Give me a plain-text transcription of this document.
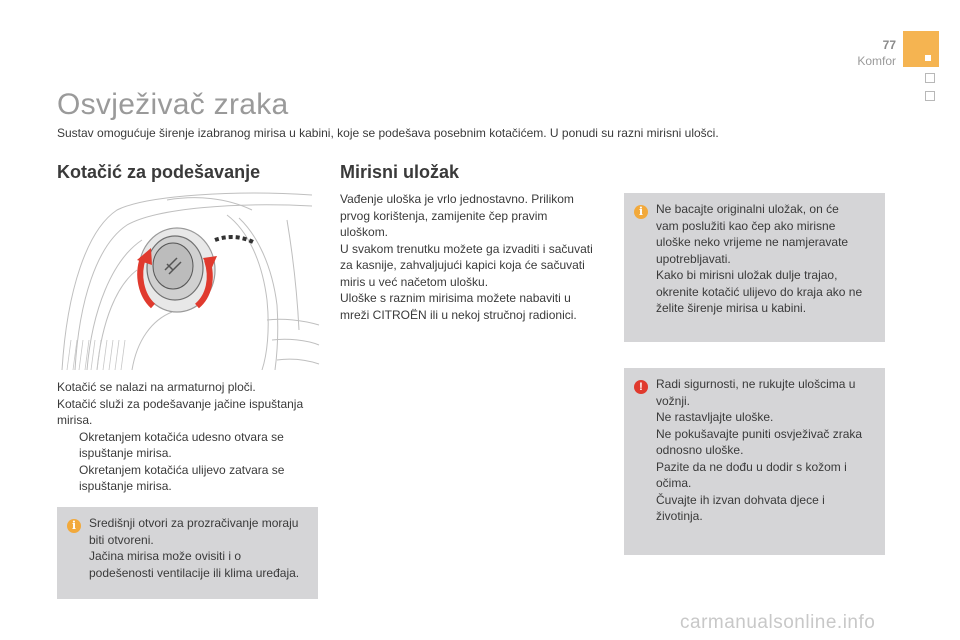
77
Komfor
Osvježivač zraka

Sustav omogućuje širenje izabranog mirisa u kabini, koje se podešava posebnim kotačićem. U ponudi su razni mirisni ulošci.

Kotačić za podešavanje
Kotačić se nalazi na armaturnoj ploči.
Kotačić služi za podešavanje jačine ispuštanja
mirisa.
Okretanjem kotačića udesno otvara se
ispuštanje mirisa.
Okretanjem kotačića ulijevo zatvara se
ispuštanje mirisa.
i	Središnji otvori za prozračivanje moraju
biti otvoreni.
Jačina mirisa može ovisiti i o
podešenosti ventilacije ili klima uređaja.
Mirisni uložak
Vađenje uloška je vrlo jednostavno. Prilikom
prvog korištenja, zamijenite čep pravim
uloškom.
U svakom trenutku možete ga izvaditi i sačuvati
za kasnije, zahvaljujući kapici koja će sačuvati
miris u već načetom ulošku.
Uloške s raznim mirisima možete nabaviti u
mreži CITROËN ili u nekoj stručnoj radionici.
i	Ne bacajte originalni uložak, on će
vam poslužiti kao čep ako mirisne
uloške neko vrijeme ne namjeravate
upotrebljavati.
Kako bi mirisni uložak dulje trajao,
okrenite kotačić ulijevo do kraja ako ne
želite širenje mirisa u kabini.
!	Radi sigurnosti, ne rukujte ulošcima u
vožnji.
Ne rastavljajte uloške.
Ne pokušavajte puniti osvježivač zraka
odnosno uloške.
Pazite da ne dođu u dodir s kožom i
očima.
Čuvajte ih izvan dohvata djece i
životinja.
carmanualsonline.info
